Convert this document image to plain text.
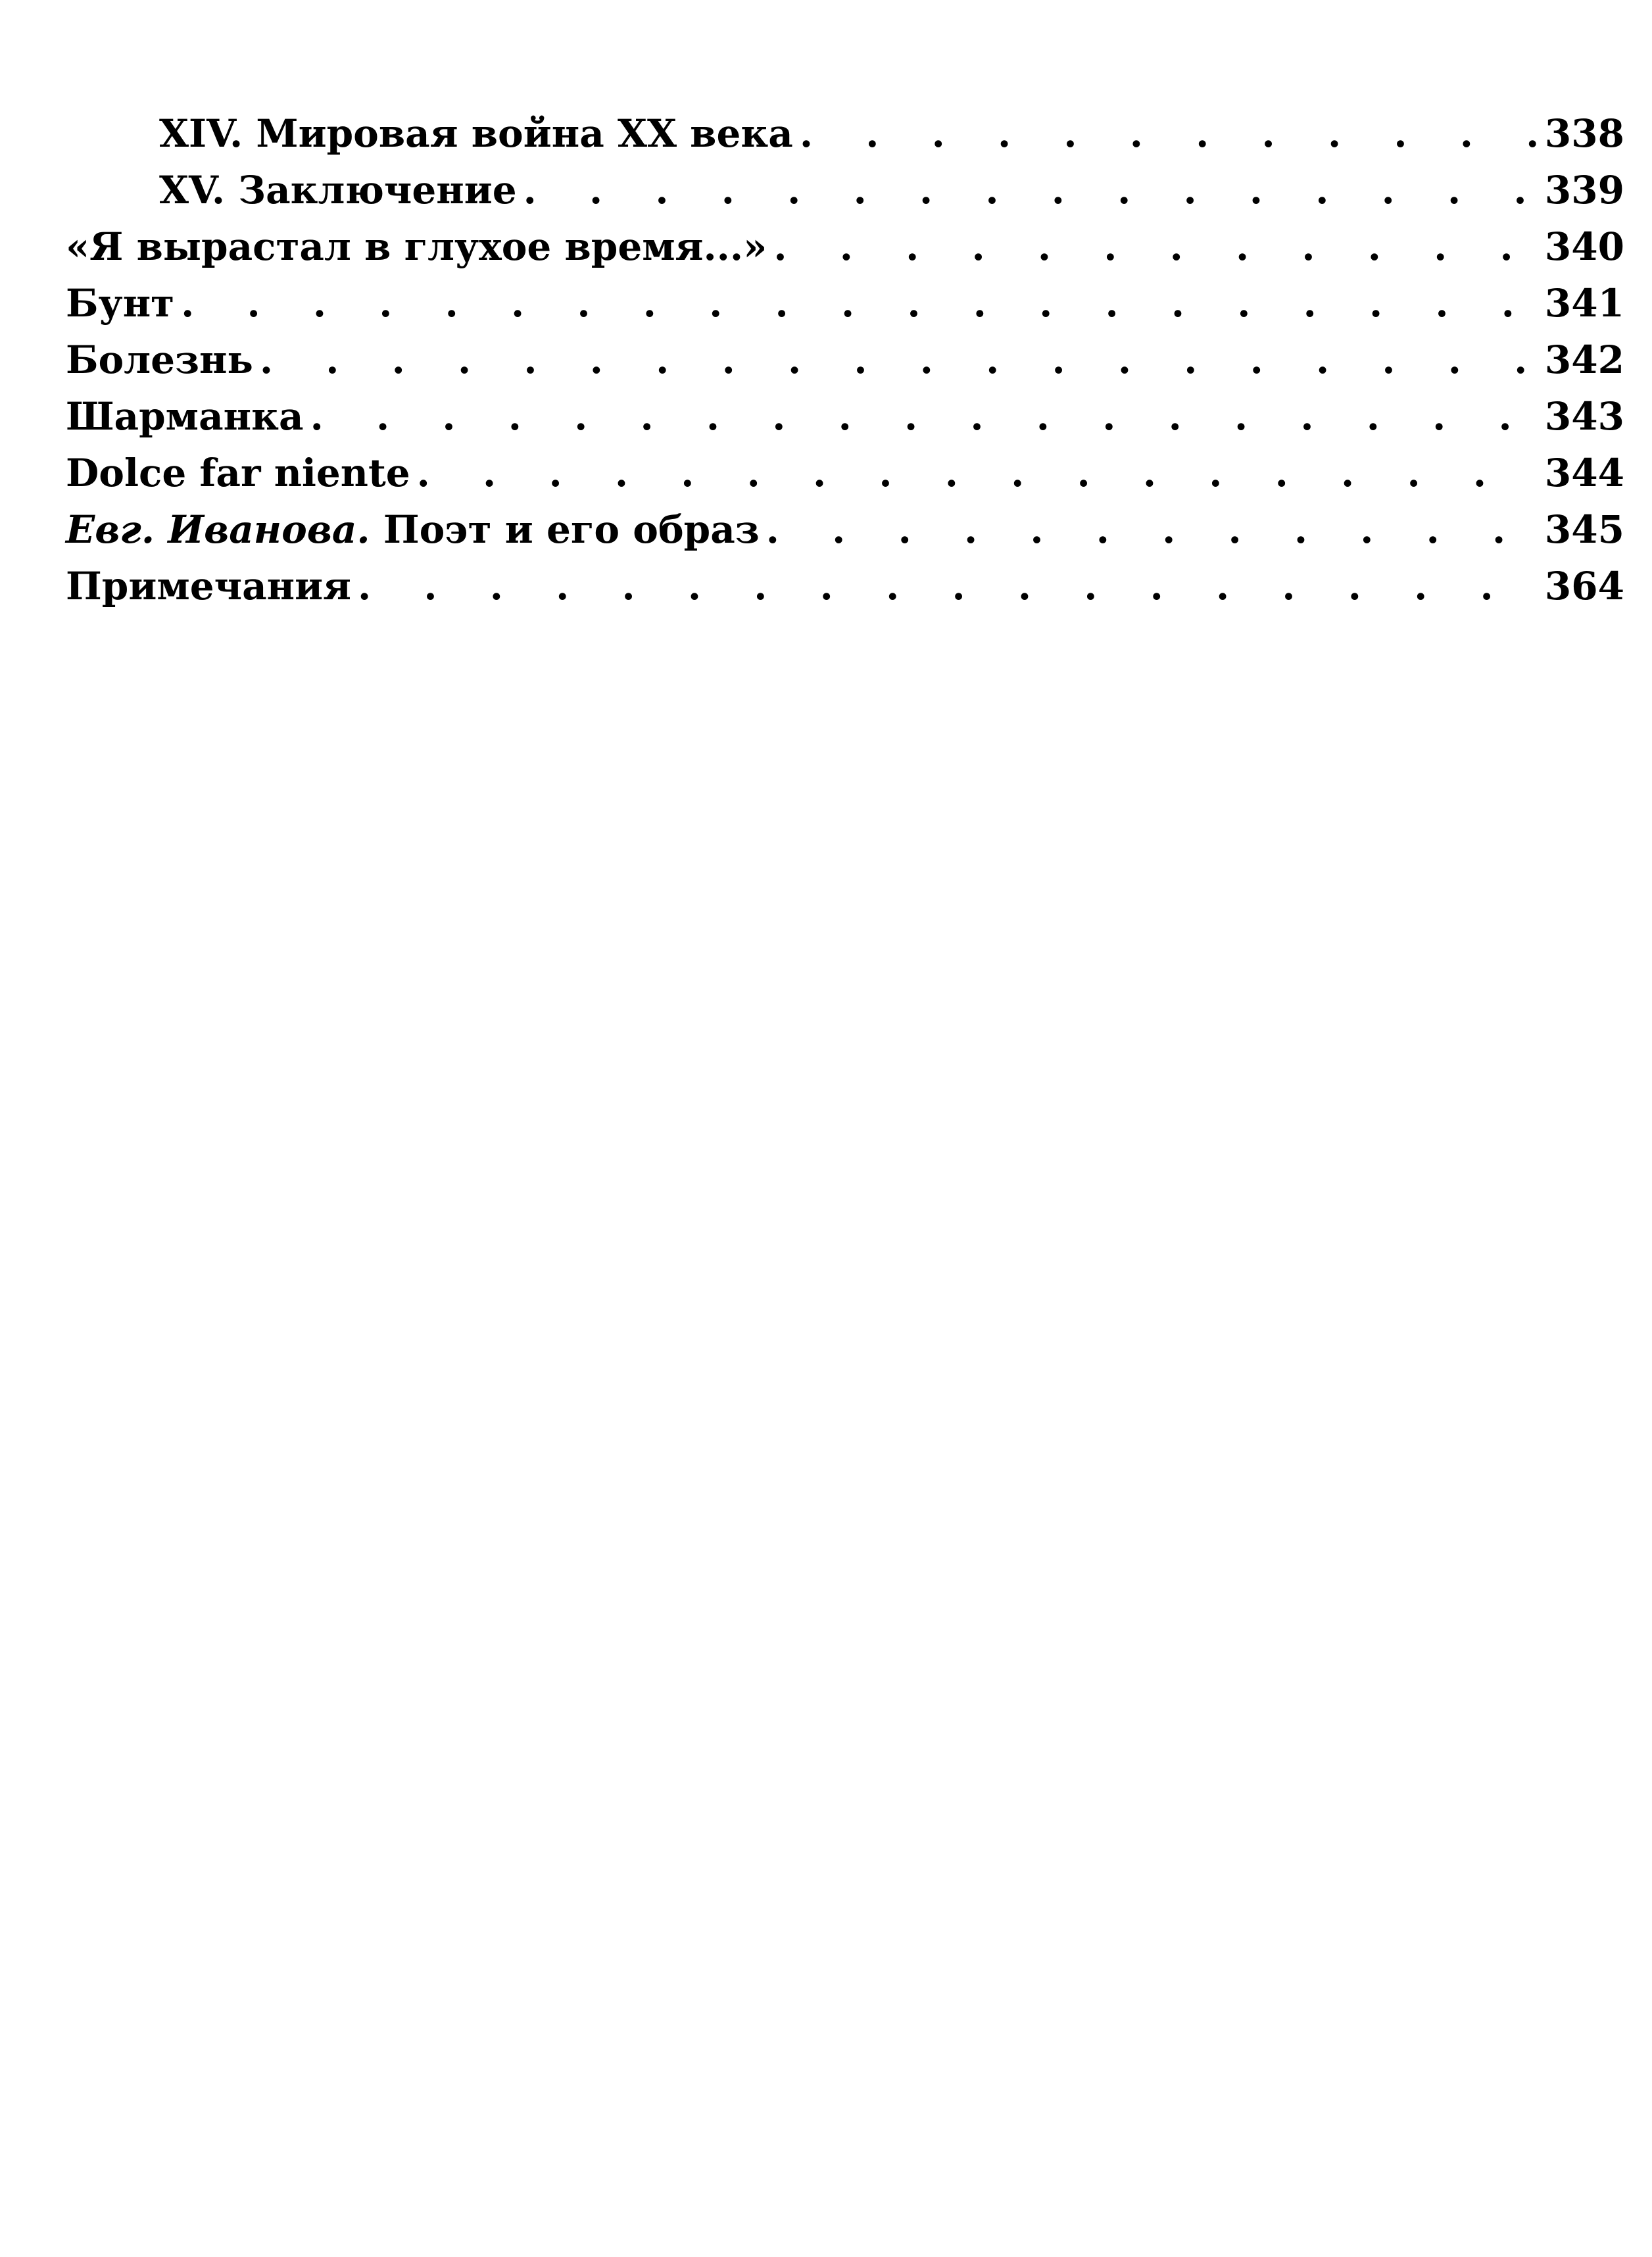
XIV. Мировая война XX века . . .	338
XV. Заключение . . .	339
«Я вырастал в глухое время...» . . .	340
Бунт . . .	341
Болезнь . . .	342
Шарманка . . .	343
Dolce far niente . . .	344
Евг. Иванова. Поэт и его образ . . .	345
Примечания . . .	364
